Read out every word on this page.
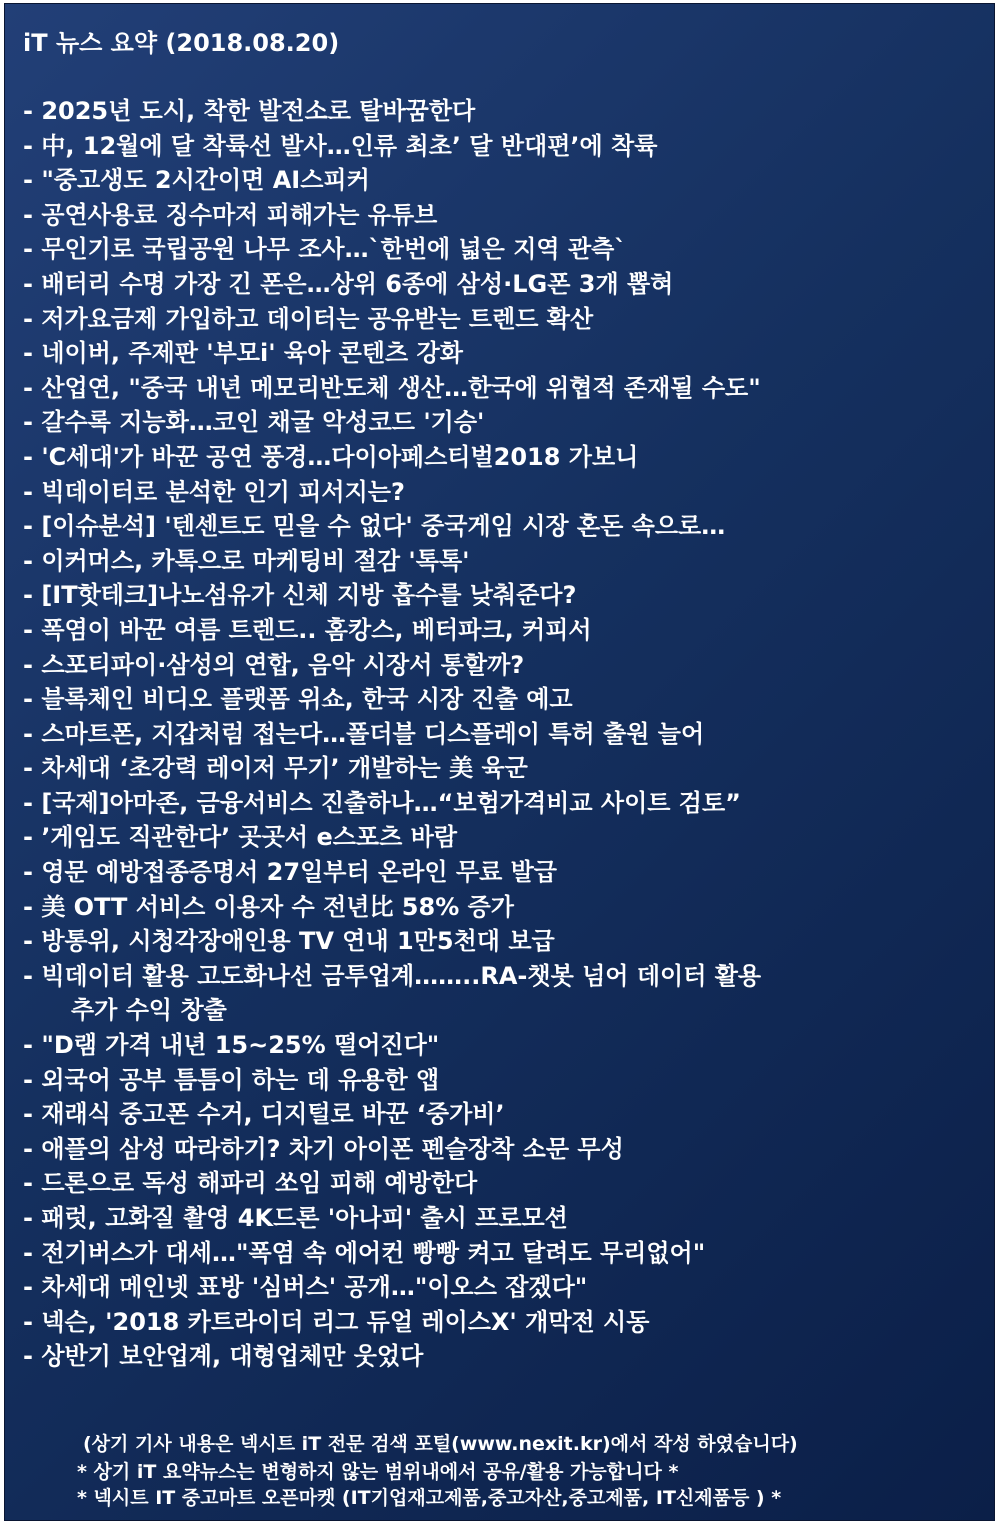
iT 뉴스 요약 (2018.08.20)
- 2025년 도시, 착한 발전소로 탈바꿈한다
- 中, 12월에 달 착륙선 발사…인류 최초’ 달 반대편’에 착륙
- "중고생도 2시간이면 AI스피커
- 공연사용료 징수마저 피해가는 유튜브
- 무인기로 국립공원 나무 조사…`한번에 넓은 지역 관측`
- 배터리 수명 가장 긴 폰은…상위 6종에 삼성·LG폰 3개 뽑혀
- 저가요금제 가입하고 데이터는 공유받는 트렌드 확산
- 네이버, 주제판 '부모i' 육아 콘텐츠 강화
- 산업연, "중국 내년 메모리반도체 생산…한국에 위협적 존재될 수도"
- 갈수록 지능화…코인 채굴 악성코드 '기승'
- 'C세대'가 바꾼 공연 풍경…다이아페스티벌2018 가보니
- 빅데이터로 분석한 인기 피서지는?
- [이슈분석] '텐센트도 믿을 수 없다' 중국게임 시장 혼돈 속으로…
- 이커머스, 카톡으로 마케팅비 절감 '톡톡'
- [IT핫테크]나노섬유가 신체 지방 흡수를 낮춰준다?
- 폭염이 바꾼 여름 트렌드.. 홈캉스, 베터파크, 커피서
- 스포티파이·삼성의 연합, 음악 시장서 통할까?
- 블록체인 비디오 플랫폼 위쇼, 한국 시장 진출 예고
- 스마트폰, 지갑처럼 접는다…폴더블 디스플레이 특허 출원 늘어
- 차세대 ‘초강력 레이저 무기’ 개발하는 美 육군
- [국제]아마존, 금융서비스 진출하나…“보험가격비교 사이트 검토”
- ’게임도 직관한다’ 곳곳서 e스포츠 바람
- 영문 예방접종증명서 27일부터 온라인 무료 발급
- 美 OTT 서비스 이용자 수 전년比 58% 증가
- 방통위, 시청각장애인용 TV 연내 1만5천대 보급
- 빅데이터 활용 고도화나선 금투업계……..RA-챗봇 넘어 데이터 활용
추가 수익 창출
- "D램 가격 내년 15~25% 떨어진다"
- 외국어 공부 틈틈이 하는 데 유용한 앱
- 재래식 중고폰 수거, 디지털로 바꾼 ‘중가비’
- 애플의 삼성 따라하기? 차기 아이폰 펜슬장착 소문 무성
- 드론으로 독성 해파리 쏘임 피해 예방한다
- 패럿, 고화질 촬영 4K드론 '아나피' 출시 프로모션
- 전기버스가 대세…"폭염 속 에어컨 빵빵 켜고 달려도 무리없어"
- 차세대 메인넷 표방 '심버스' 공개…"이오스 잡겠다"
- 넥슨, '2018 카트라이더 리그 듀얼 레이스X' 개막전 시동
- 상반기 보안업계, 대형업체만 웃었다
(상기 기사 내용은 넥시트 iT 전문 검색 포털(www.nexit.kr)에서 작성 하였습니다)
* 상기 iT 요약뉴스는 변형하지 않는 범위내에서 공유/활용 가능합니다 *
* 넥시트 IT 중고마트 오픈마켓 (IT기업재고제품,중고자산,중고제품, IT신제품등 ) *
